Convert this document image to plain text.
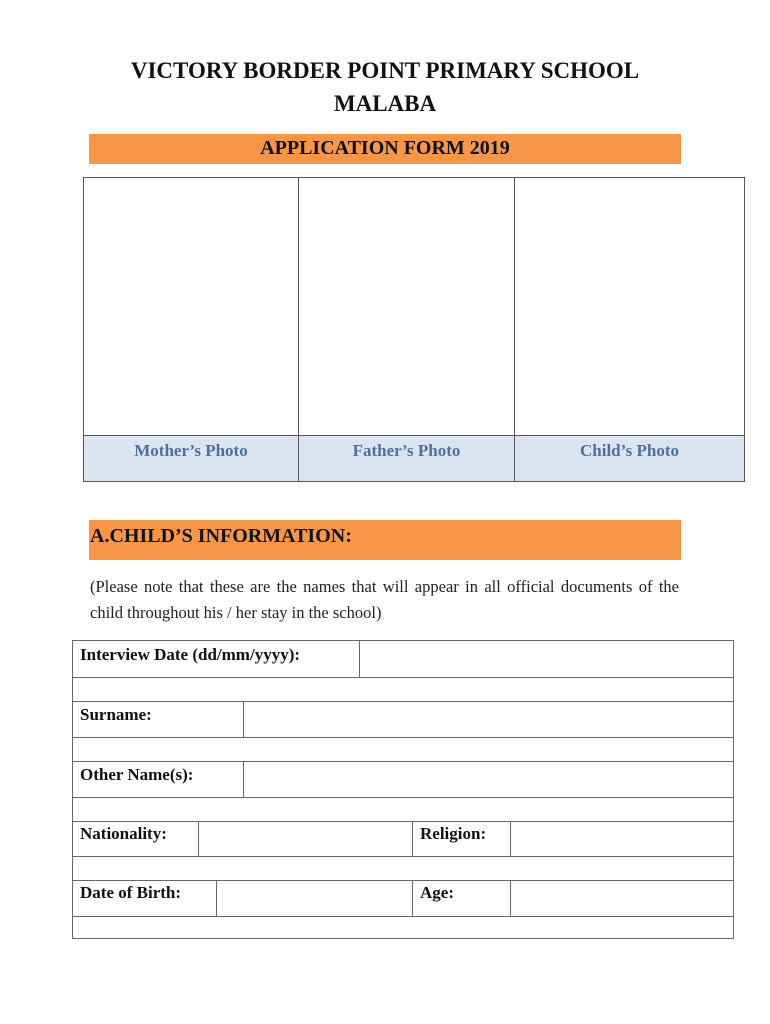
VICTORY BORDER POINT PRIMARY SCHOOL
MALABA
APPLICATION FORM 2019
Mother’s Photo	Father’s Photo	Child’s Photo
A.CHILD’S INFORMATION:
(Please note that these are the names that will appear in all official documents of the child throughout his / her stay in the school)
Interview Date (dd/mm/yyyy):
Surname:
Other Name(s):
Nationality:	Religion:
Date of Birth:	Age:
